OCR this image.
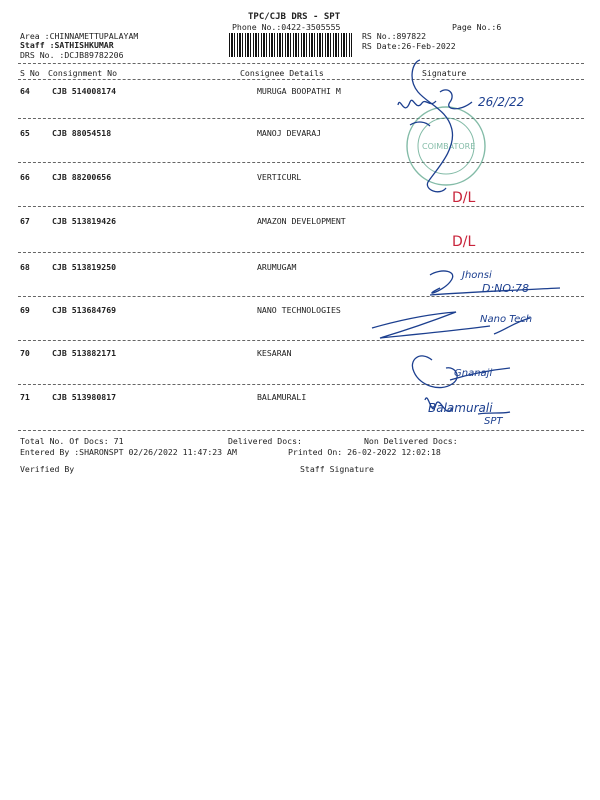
TPC/CJB DRS - SPT
Phone No.:0422-3505555	Page No.:6
Area :CHINNAMETTUPALAYAM
Staff :SATHISHKUMAR
DRS No. :DCJB89782206
RS No.:897822
RS Date:26-Feb-2022
S No Consignment No	Consignee Details	Signature
64	CJB 514008174	MURUGA BOOPATHI M
65	CJB 88054518	MANOJ DEVARAJ
66	CJB 88200656	VERTICURL
67	CJB 513819426	AMAZON DEVELOPMENT
68	CJB 513819250	ARUMUGAM
69	CJB 513684769	NANO TECHNOLOGIES
70	CJB 513882171	KESARAN
71	CJB 513980817	BALAMURALI
Total No. Of Docs: 71	Delivered Docs:	Non Delivered Docs:
Entered By :SHARONSPT 02/26/2022 11:47:23 AM	Printed On: 26-02-2022 12:02:18
Verified By	Staff Signature
COIMBATORE
26/2/22
D/L
D/L
Jhonsi
D:NO:78
Nano Tech
Gnanaji
Balamurali
SPT
